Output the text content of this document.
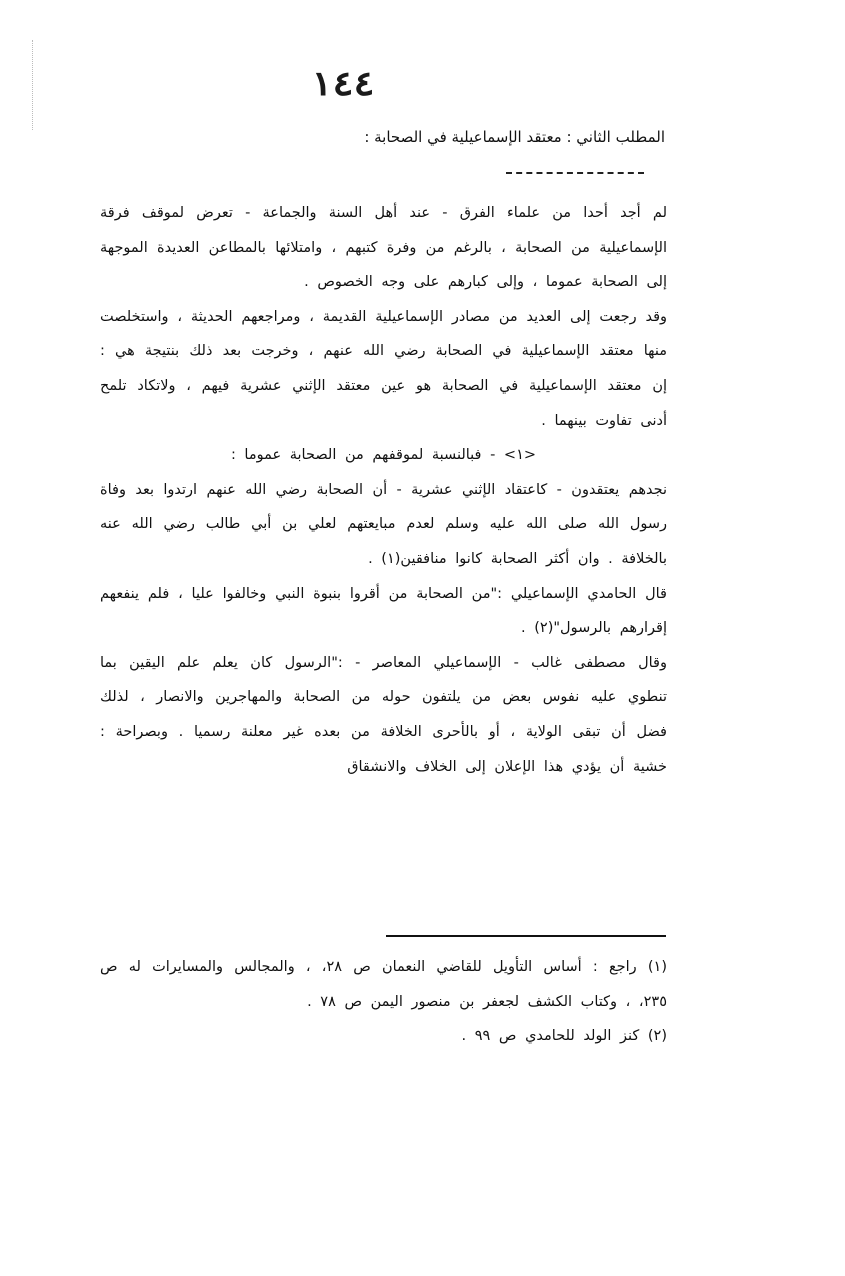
١٤٤
المطلب الثاني : معتقد الإسماعيلية في الصحابة :

لم أجد أحدا من علماء الفرق - عند أهل السنة والجماعة - تعرض لموقف فرقة الإسماعيلية من الصحابة ، بالرغم من وفرة كتبهم ، وامتلائها بالمطاعن العديدة الموجهة إلى الصحابة عموما ، وإلى كبارهم على وجه الخصوص .

وقد رجعت إلى العديد من مصادر الإسماعيلية القديمة ، ومراجعهم الحديثة ، واستخلصت منها معتقد الإسماعيلية في الصحابة رضي الله عنهم ، وخرجت بعد ذلك بنتيجة هي : إن معتقد الإسماعيلية في الصحابة هو عين معتقد الإثني عشرية فيهم ، ولاتكاد تلمح أدنى تفاوت بينهما .

<١> - فبالنسبة لموقفهم من الصحابة عموما :

نجدهم يعتقدون - كاعتقاد الإثني عشرية - أن الصحابة رضي الله عنهم ارتدوا بعد وفاة رسول الله صلى الله عليه وسلم لعدم مبايعتهم لعلي بن أبي طالب رضي الله عنه بالخلافة . وان أكثر الصحابة كانوا منافقين(١) .

قال الحامدي الإسماعيلي :"من الصحابة من أقروا بنبوة النبي وخالفوا عليا ، فلم ينفعهم إقرارهم بالرسول"(٢) .

وقال مصطفى غالب - الإسماعيلي المعاصر - :"الرسول كان يعلم علم اليقين بما تنطوي عليه نفوس بعض من يلتفون حوله من الصحابة والمهاجرين والانصار ، لذلك فضل أن تبقى الولاية ، أو بالأحرى الخلافة من بعده غير معلنة رسميا . وبصراحة : خشية أن يؤدي هذا الإعلان إلى الخلاف والانشقاق

(١) راجع : أساس التأويل للقاضي النعمان ص ٢٨، ، والمجالس والمسايرات له ص ٢٣٥، ، وكتاب الكشف لجعفر بن منصور اليمن ص ٧٨ .

(٢) كنز الولد للحامدي ص ٩٩ .
